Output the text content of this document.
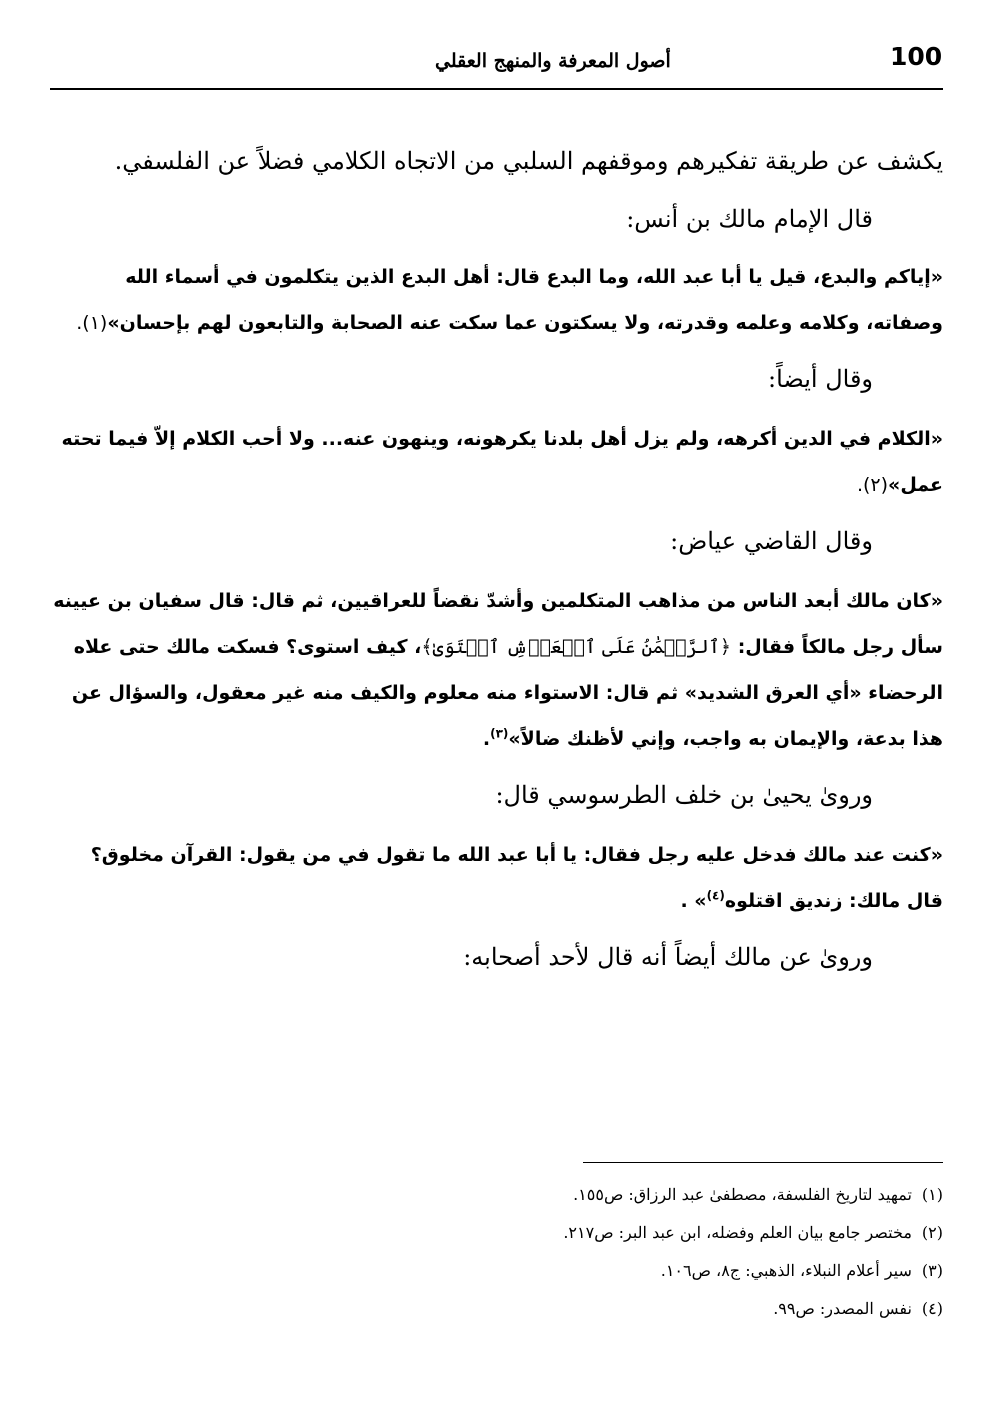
100
أصول المعرفة والمنهج العقلي

يكشف عن طريقة تفكيرهم وموقفهم السلبي من الاتجاه الكلامي فضلاً عن الفلسفي.

قال الإمام مالك بن أنس:

«إياكم والبدع، قيل يا أبا عبد الله، وما البدع قال: أهل البدع الذين يتكلمون في أسماء الله وصفاته، وكلامه وعلمه وقدرته، ولا يسكتون عما سكت عنه الصحابة والتابعون لهم بإحسان»(١).

وقال أيضاً:

«الكلام في الدين أكرهه، ولم يزل أهل بلدنا يكرهونه، وينهون عنه... ولا أحب الكلام إلاّ فيما تحته عمل»(٢).

وقال القاضي عياض:

«كان مالك أبعد الناس من مذاهب المتكلمين وأشدّ نقضاً للعراقيين، ثم قال: قال سفيان بن عيينه سأل رجل مالكاً فقال: ﴿ٱلرَّحۡمَٰنُ عَلَى ٱلۡعَرۡشِ ٱسۡتَوَىٰ﴾، كيف استوى؟ فسكت مالك حتى علاه الرحضاء «أي العرق الشديد» ثم قال: الاستواء منه معلوم والكيف منه غير معقول، والسؤال عن هذا بدعة، والإيمان به واجب، وإني لأظنك ضالاً»$^{(٣)}$.

وروىٰ يحيىٰ بن خلف الطرسوسي قال:

«كنت عند مالك فدخل عليه رجل فقال: يا أبا عبد الله ما تقول في من يقول: القرآن مخلوق؟ قال مالك: زنديق اقتلوه$^{(٤)}$» .

وروىٰ عن مالك أيضاً أنه قال لأحد أصحابه:

(١)تمهيد لتاريخ الفلسفة، مصطفىٰ عبد الرزاق: ص١٥٥.

(٢)مختصر جامع بيان العلم وفضله، ابن عبد البر: ص٢١٧.

(٣)سير أعلام النبلاء، الذهبي: ج٨، ص١٠٦.

(٤)نفس المصدر: ص٩٩.
